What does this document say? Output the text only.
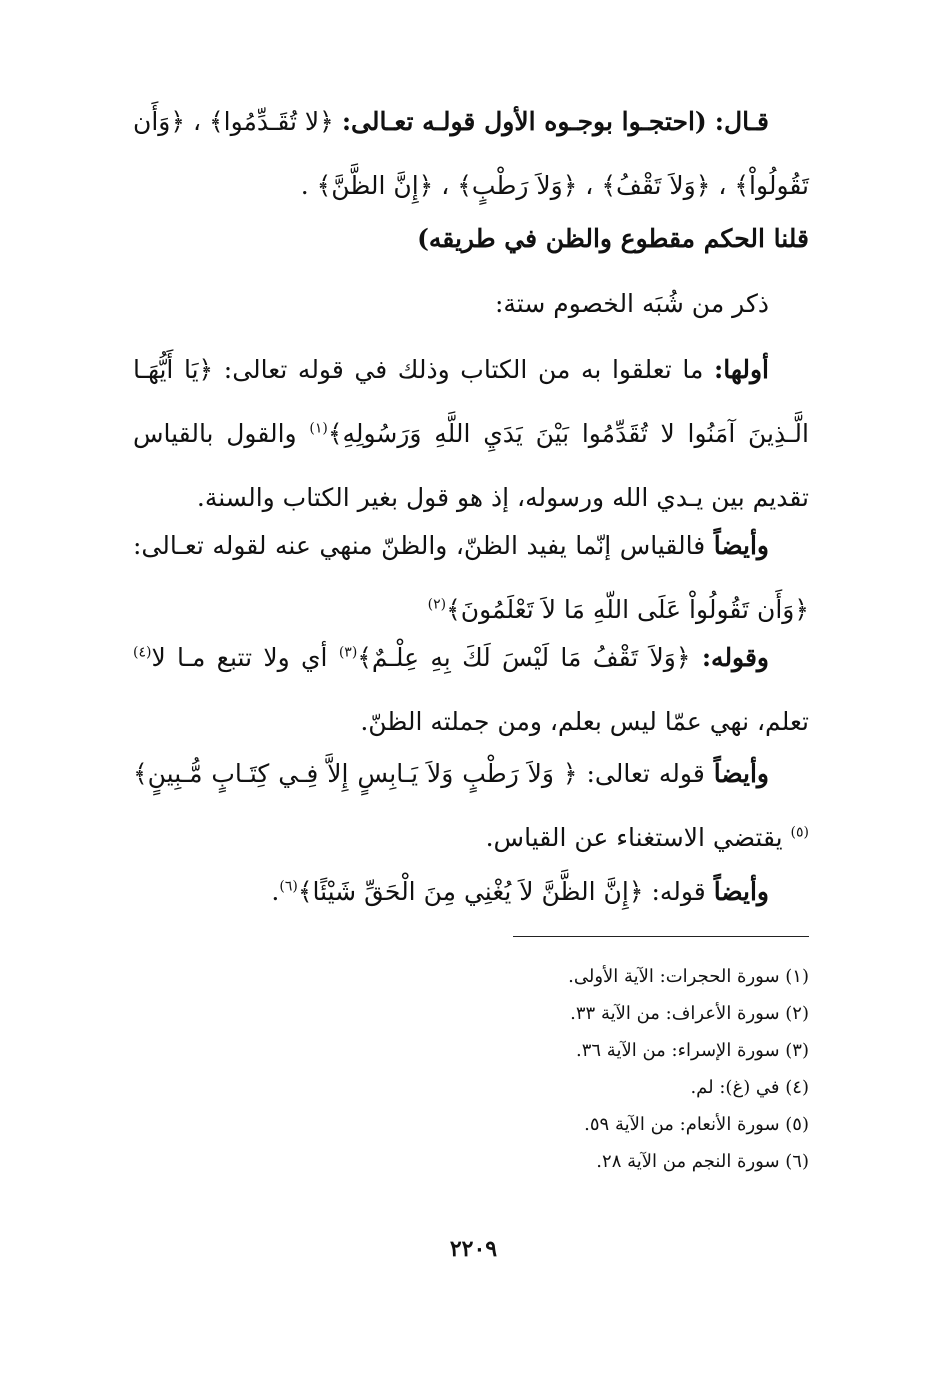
قـال: (احتجـوا بوجـوه الأول قولـه تعـالى: ﴿لا تُقَـدِّمُوا﴾ ، ﴿وَأَن تَقُولُواْ﴾ ، ﴿وَلاَ تَقْفُ﴾ ، ﴿وَلاَ رَطْبٍ﴾ ، ﴿إِنَّ الظَّنَّ﴾ .

قلنا الحكم مقطوع والظن في طريقه)

ذكر من شُبَه الخصوم ستة:

أولها: ما تعلقوا به من الكتاب وذلك في قوله تعالى: ﴿يَا أَيُّهَـا الَّـذِينَ آمَنُوا لا تُقَدِّمُوا بَيْنَ يَدَيِ اللَّهِ وَرَسُولِهِ﴾$^{(١)}$ والقول بالقياس تقديم بين يـدي الله ورسوله، إذ هو قول بغير الكتاب والسنة.

وأيضاً فالقياس إنّما يفيد الظنّ، والظنّ منهي عنه لقوله تعـالى: ﴿وَأَن تَقُولُواْ عَلَى اللّهِ مَا لاَ تَعْلَمُونَ﴾$^{(٢)}$

وقوله: ﴿وَلاَ تَقْفُ مَا لَيْسَ لَكَ بِهِ عِلْـمٌ﴾$^{(٣)}$ أي ولا تتبع مـا لا$^{(٤)}$ تعلم، نهي عمّا ليس بعلم، ومن جملته الظنّ.

وأيضاً قوله تعالى: ﴿ وَلاَ رَطْبٍ وَلاَ يَـابِسٍ إِلاَّ فِـي كِتَـابٍ مُّـبِينٍ﴾$^{(٥)}$ يقتضي الاستغناء عن القياس.

وأيضاً قوله: ﴿إِنَّ الظَّنَّ لاَ يُغْنِي مِنَ الْحَقِّ شَيْئًا﴾$^{(٦)}$.

(١) سورة الحجرات: الآية الأولى.
(٢) سورة الأعراف: من الآية ٣٣.
(٣) سورة الإسراء: من الآية ٣٦.
(٤) في (غ): لم.
(٥) سورة الأنعام: من الآية ٥٩.
(٦) سورة النجم من الآية ٢٨.
٢٢٠٩
